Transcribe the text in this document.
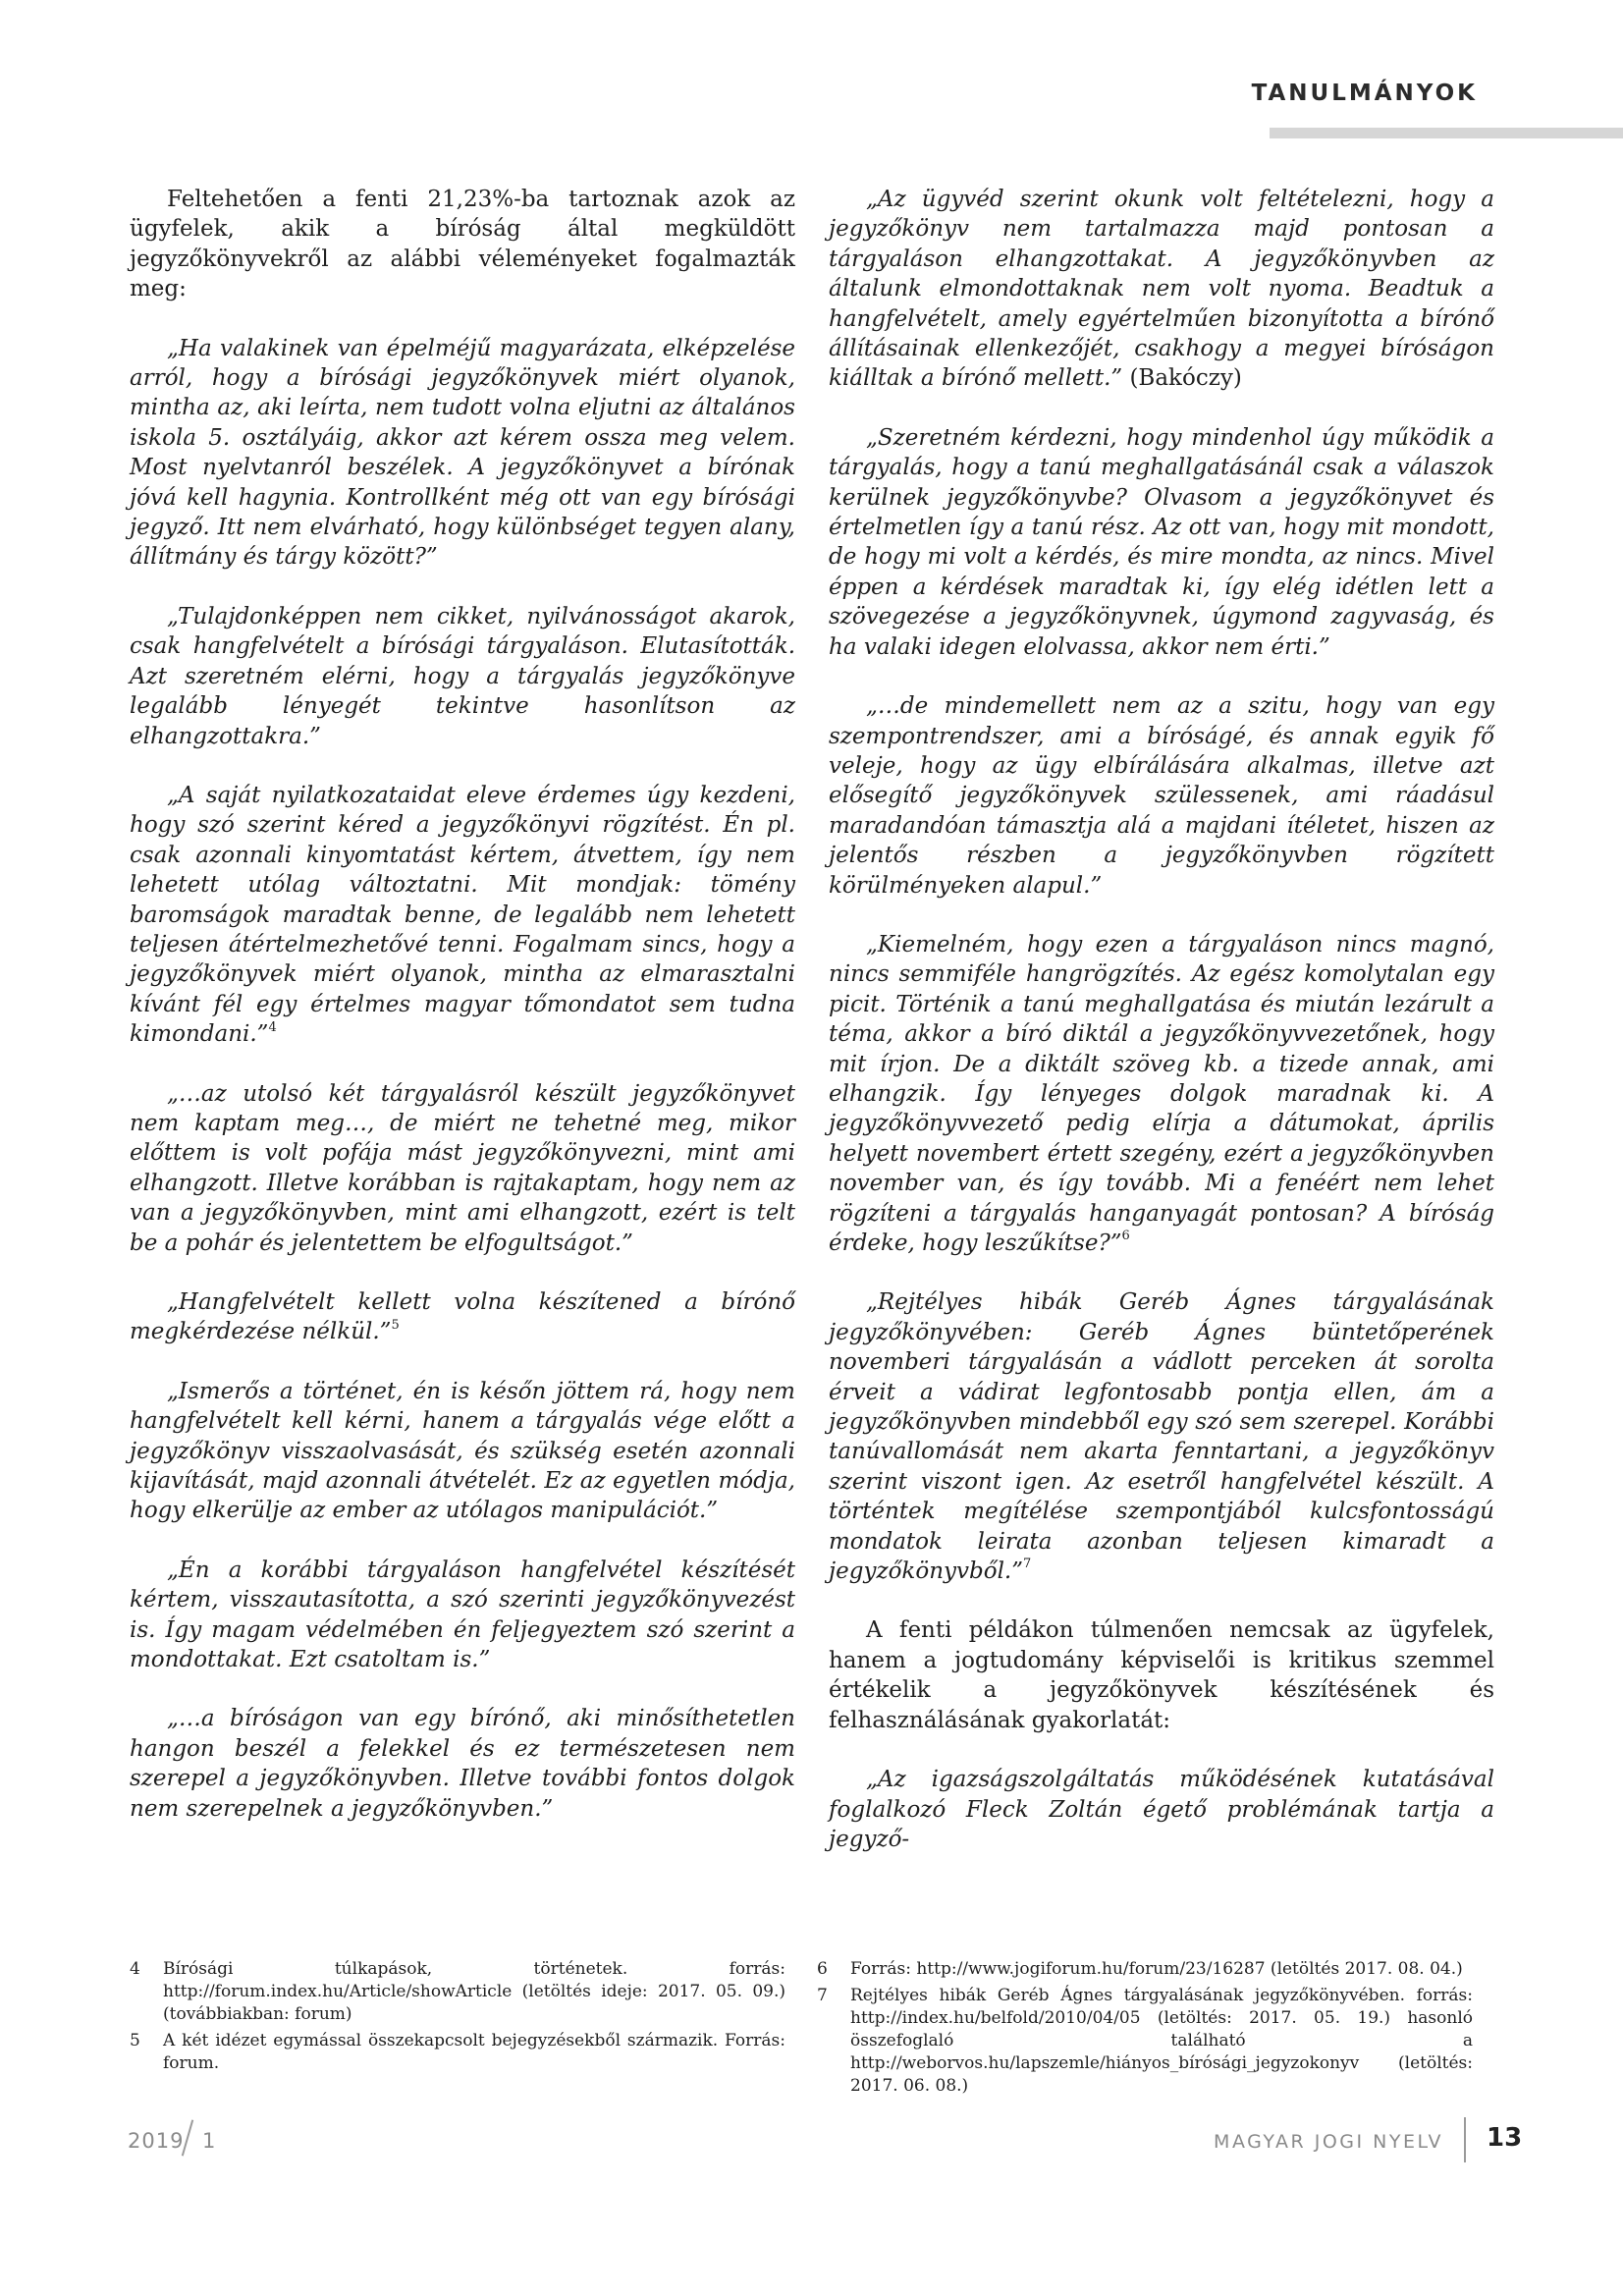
TANULMÁNYOK

Feltehetően a fenti 21,23%-ba tartoznak azok az ügyfelek, akik a bíróság által megküldött jegyzőkönyvekről az alábbi véleményeket fogalmazták meg:

„Ha valakinek van épelméjű magyarázata, elképzelése arról, hogy a bírósági jegyzőkönyvek miért olyanok, mintha az, aki leírta, nem tudott volna eljutni az általános iskola 5. osztályáig, akkor azt kérem ossza meg velem. Most nyelvtanról beszélek. A jegyzőkönyvet a bírónak jóvá kell hagynia. Kontrollként még ott van egy bírósági jegyző. Itt nem elvárható, hogy különbséget tegyen alany, állítmány és tárgy között?”

„Tulajdonképpen nem cikket, nyilvánosságot akarok, csak hangfelvételt a bírósági tárgyaláson. Elutasították. Azt szeretném elérni, hogy a tárgyalás jegyzőkönyve legalább lényegét tekintve hasonlítson az elhangzottakra.”

„A saját nyilatkozataidat eleve érdemes úgy kezdeni, hogy szó szerint kéred a jegyzőkönyvi rögzítést. Én pl. csak azonnali kinyomtatást kértem, átvettem, így nem lehetett utólag változtatni. Mit mondjak: tömény baromságok maradtak benne, de legalább nem lehetett teljesen átértelmezhetővé tenni. Fogalmam sincs, hogy a jegyzőkönyvek miért olyanok, mintha az elmarasztalni kívánt fél egy értelmes magyar tőmondatot sem tudna kimondani.”$^4$

„…az utolsó két tárgyalásról készült jegyzőkönyvet nem kaptam meg…, de miért ne tehetné meg, mikor előttem is volt pofája mást jegyzőkönyvezni, mint ami elhangzott. Illetve korábban is rajtakaptam, hogy nem az van a jegyzőkönyvben, mint ami elhangzott, ezért is telt be a pohár és jelentettem be elfogultságot.”

„Hangfelvételt kellett volna készítened a bírónő megkérdezése nélkül.”$^5$

„Ismerős a történet, én is későn jöttem rá, hogy nem hangfelvételt kell kérni, hanem a tárgyalás vége előtt a jegyzőkönyv visszaolvasását, és szükség esetén azonnali kijavítását, majd azonnali átvételét. Ez az egyetlen módja, hogy elkerülje az ember az utólagos manipulációt.”

„Én a korábbi tárgyaláson hangfelvétel készítését kértem, visszautasította, a szó szerinti jegyzőkönyvezést is. Így magam védelmében én feljegyeztem szó szerint a mondottakat. Ezt csatoltam is.”

„…a bíróságon van egy bírónő, aki minősíthetetlen hangon beszél a felekkel és ez természetesen nem szerepel a jegyzőkönyvben. Illetve további fontos dolgok nem szerepelnek a jegyzőkönyvben.”

„Az ügyvéd szerint okunk volt feltételezni, hogy a jegyzőkönyv nem tartalmazza majd pontosan a tárgyaláson elhangzottakat. A jegyzőkönyvben az általunk elmondottaknak nem volt nyoma. Beadtuk a hangfelvételt, amely egyértelműen bizonyította a bírónő állításainak ellenkezőjét, csakhogy a megyei bíróságon kiálltak a bírónő mellett.” (Bakóczy)

„Szeretném kérdezni, hogy mindenhol úgy működik a tárgyalás, hogy a tanú meghallgatásánál csak a válaszok kerülnek jegyzőkönyvbe? Olvasom a jegyzőkönyvet és értelmetlen így a tanú rész. Az ott van, hogy mit mondott, de hogy mi volt a kérdés, és mire mondta, az nincs. Mivel éppen a kérdések maradtak ki, így elég idétlen lett a szövegezése a jegyzőkönyvnek, úgymond zagyvaság, és ha valaki idegen elolvassa, akkor nem érti.”

„…de mindemellett nem az a szitu, hogy van egy szempontrendszer, ami a bíróságé, és annak egyik fő veleje, hogy az ügy elbírálására alkalmas, illetve azt elősegítő jegyzőkönyvek szülessenek, ami ráadásul maradandóan támasztja alá a majdani ítéletet, hiszen az jelentős részben a jegyzőkönyvben rögzített körülményeken alapul.”

„Kiemelném, hogy ezen a tárgyaláson nincs magnó, nincs semmiféle hangrögzítés. Az egész komolytalan egy picit. Történik a tanú meghallgatása és miután lezárult a téma, akkor a bíró diktál a jegyzőkönyvvezetőnek, hogy mit írjon. De a diktált szöveg kb. a tizede annak, ami elhangzik. Így lényeges dolgok maradnak ki. A jegyzőkönyvvezető pedig elírja a dátumokat, április helyett novembert értett szegény, ezért a jegyzőkönyvben november van, és így tovább. Mi a fenéért nem lehet rögzíteni a tárgyalás hanganyagát pontosan? A bíróság érdeke, hogy leszűkítse?”$^6$

„Rejtélyes hibák Geréb Ágnes tárgyalásának jegyzőkönyvében: Geréb Ágnes büntetőperének novemberi tárgyalásán a vádlott perceken át sorolta érveit a vádirat legfontosabb pontja ellen, ám a jegyzőkönyvben mindebből egy szó sem szerepel. Korábbi tanúvallomását nem akarta fenntartani, a jegyzőkönyv szerint viszont igen. Az esetről hangfelvétel készült. A történtek megítélése szempontjából kulcsfontosságú mondatok leirata azonban teljesen kimaradt a jegyzőkönyvből.”$^7$

A fenti példákon túlmenően nemcsak az ügyfelek, hanem a jogtudomány képviselői is kritikus szemmel értékelik a jegyzőkönyvek készítésének és felhasználásának gyakorlatát:

„Az igazságszolgáltatás működésének kutatásával foglalkozó Fleck Zoltán égető problémának tartja a jegyző-

4	Bírósági túlkapások, történetek. forrás: http://forum.index.hu/Article/showArticle (letöltés ideje: 2017. 05. 09.) (továbbiakban: forum)
5	A két idézet egymással összekapcsolt bejegyzésekből származik. Forrás: forum.
6	Forrás: http://www.jogiforum.hu/forum/23/16287 (letöltés 2017. 08. 04.)
7	Rejtélyes hibák Geréb Ágnes tárgyalásának jegyzőkönyvében. forrás: http://index.hu/belfold/2010/04/05 (letöltés: 2017. 05. 19.) hasonló összefoglaló található a http://weborvos.hu/lapszemle/hiányos_bírósági_jegyzokonyv (letöltés: 2017. 06. 08.)
2019 1	MAGYAR JOGI NYELV 13
